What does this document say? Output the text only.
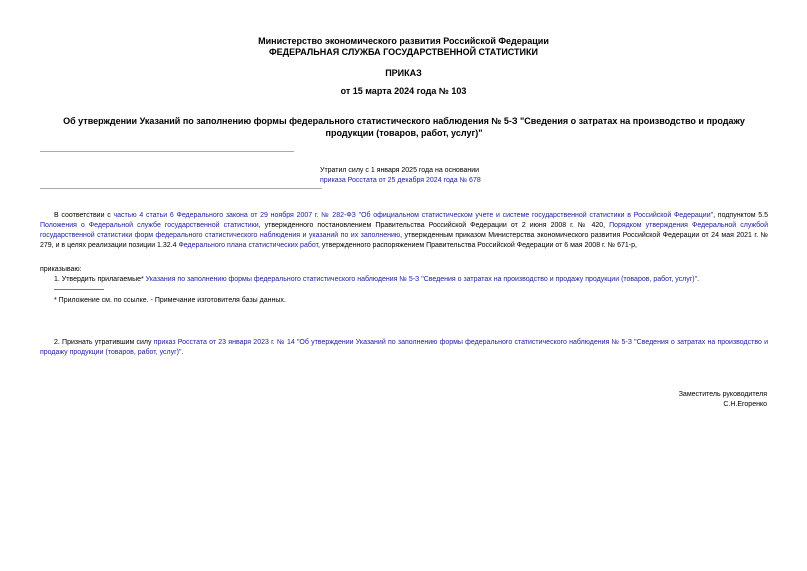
Министерство экономического развития Российской Федерации
ФЕДЕРАЛЬНАЯ СЛУЖБА ГОСУДАРСТВЕННОЙ СТАТИСТИКИ
ПРИКАЗ
от 15 марта 2024 года № 103
Об утверждении Указаний по заполнению формы федерального статистического наблюдения № 5-З "Сведения о затратах на производство и продажу продукции (товаров, работ, услуг)"
Утратил силу с 1 января 2025 года на основании
приказа Росстата от 25 декабря 2024 года № 678
В соответствии с частью 4 статьи 6 Федерального закона от 29 ноября 2007 г. № 282-ФЗ "Об официальном статистическом учете и системе государственной статистики в Российской Федерации", подпунктом 5.5 Положения о Федеральной службе государственной статистики, утвержденного постановлением Правительства Российской Федерации от 2 июня 2008 г. № 420, Порядком утверждения Федеральной службой государственной статистики форм федерального статистического наблюдения и указаний по их заполнению, утвержденным приказом Министерства экономического развития Российской Федерации от 24 мая 2021 г. № 279, и в целях реализации позиции 1.32.4 Федерального плана статистических работ, утвержденного распоряжением Правительства Российской Федерации от 6 мая 2008 г. № 671-р,
приказываю:
1. Утвердить прилагаемые* Указания по заполнению формы федерального статистического наблюдения № 5-З "Сведения о затратах на производство и продажу продукции (товаров, работ, услуг)".
* Приложение см. по ссылке. - Примечание изготовителя базы данных.
2. Признать утратившим силу приказ Росстата от 23 января 2023 г. № 14 "Об утверждении Указаний по заполнению формы федерального статистического наблюдения № 5-З "Сведения о затратах на производство и продажу продукции (товаров, работ, услуг)".
Заместитель руководителя
С.Н.Егоренко
